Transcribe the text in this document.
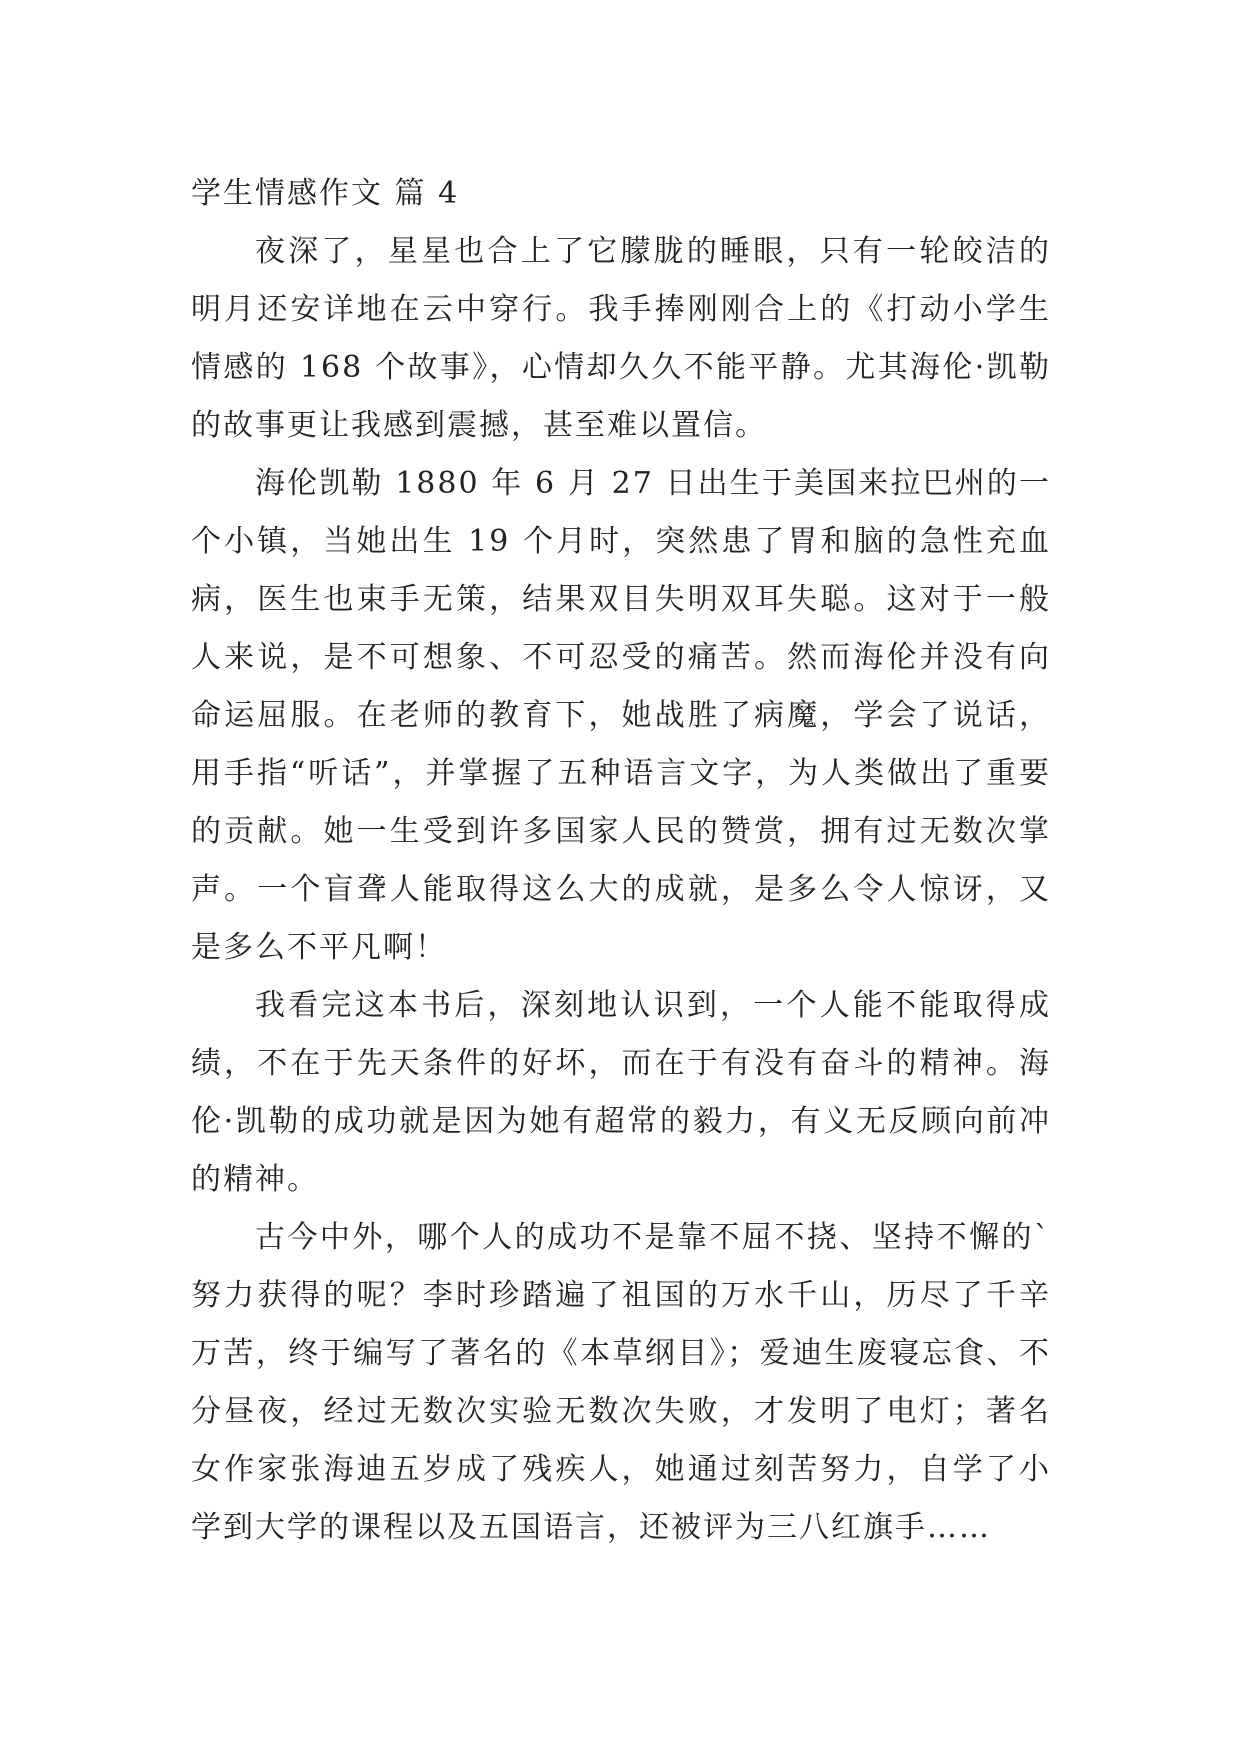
学生情感作文 篇 4

夜深了，星星也合上了它朦胧的睡眼，只有一轮皎洁的明月还安详地在云中穿行。我手捧刚刚合上的《打动小学生情感的 168 个故事》，心情却久久不能平静。尤其海伦·凯勒的故事更让我感到震撼，甚至难以置信。

海伦凯勒 1880 年 6 月 27 日出生于美国来拉巴州的一个小镇，当她出生 19 个月时，突然患了胃和脑的急性充血病，医生也束手无策，结果双目失明双耳失聪。这对于一般人来说，是不可想象、不可忍受的痛苦。然而海伦并没有向命运屈服。在老师的教育下，她战胜了病魔，学会了说话，用手指“听话”，并掌握了五种语言文字，为人类做出了重要的贡献。她一生受到许多国家人民的赞赏，拥有过无数次掌声。一个盲聋人能取得这么大的成就，是多么令人惊讶，又是多么不平凡啊！

我看完这本书后，深刻地认识到，一个人能不能取得成绩，不在于先天条件的好坏，而在于有没有奋斗的精神。海伦·凯勒的成功就是因为她有超常的毅力，有义无反顾向前冲的精神。

古今中外，哪个人的成功不是靠不屈不挠、坚持不懈的`努力获得的呢？李时珍踏遍了祖国的万水千山，历尽了千辛万苦，终于编写了著名的《本草纲目》；爱迪生废寝忘食、不分昼夜，经过无数次实验无数次失败，才发明了电灯；著名女作家张海迪五岁成了残疾人，她通过刻苦努力，自学了小学到大学的课程以及五国语言，还被评为三八红旗手……
